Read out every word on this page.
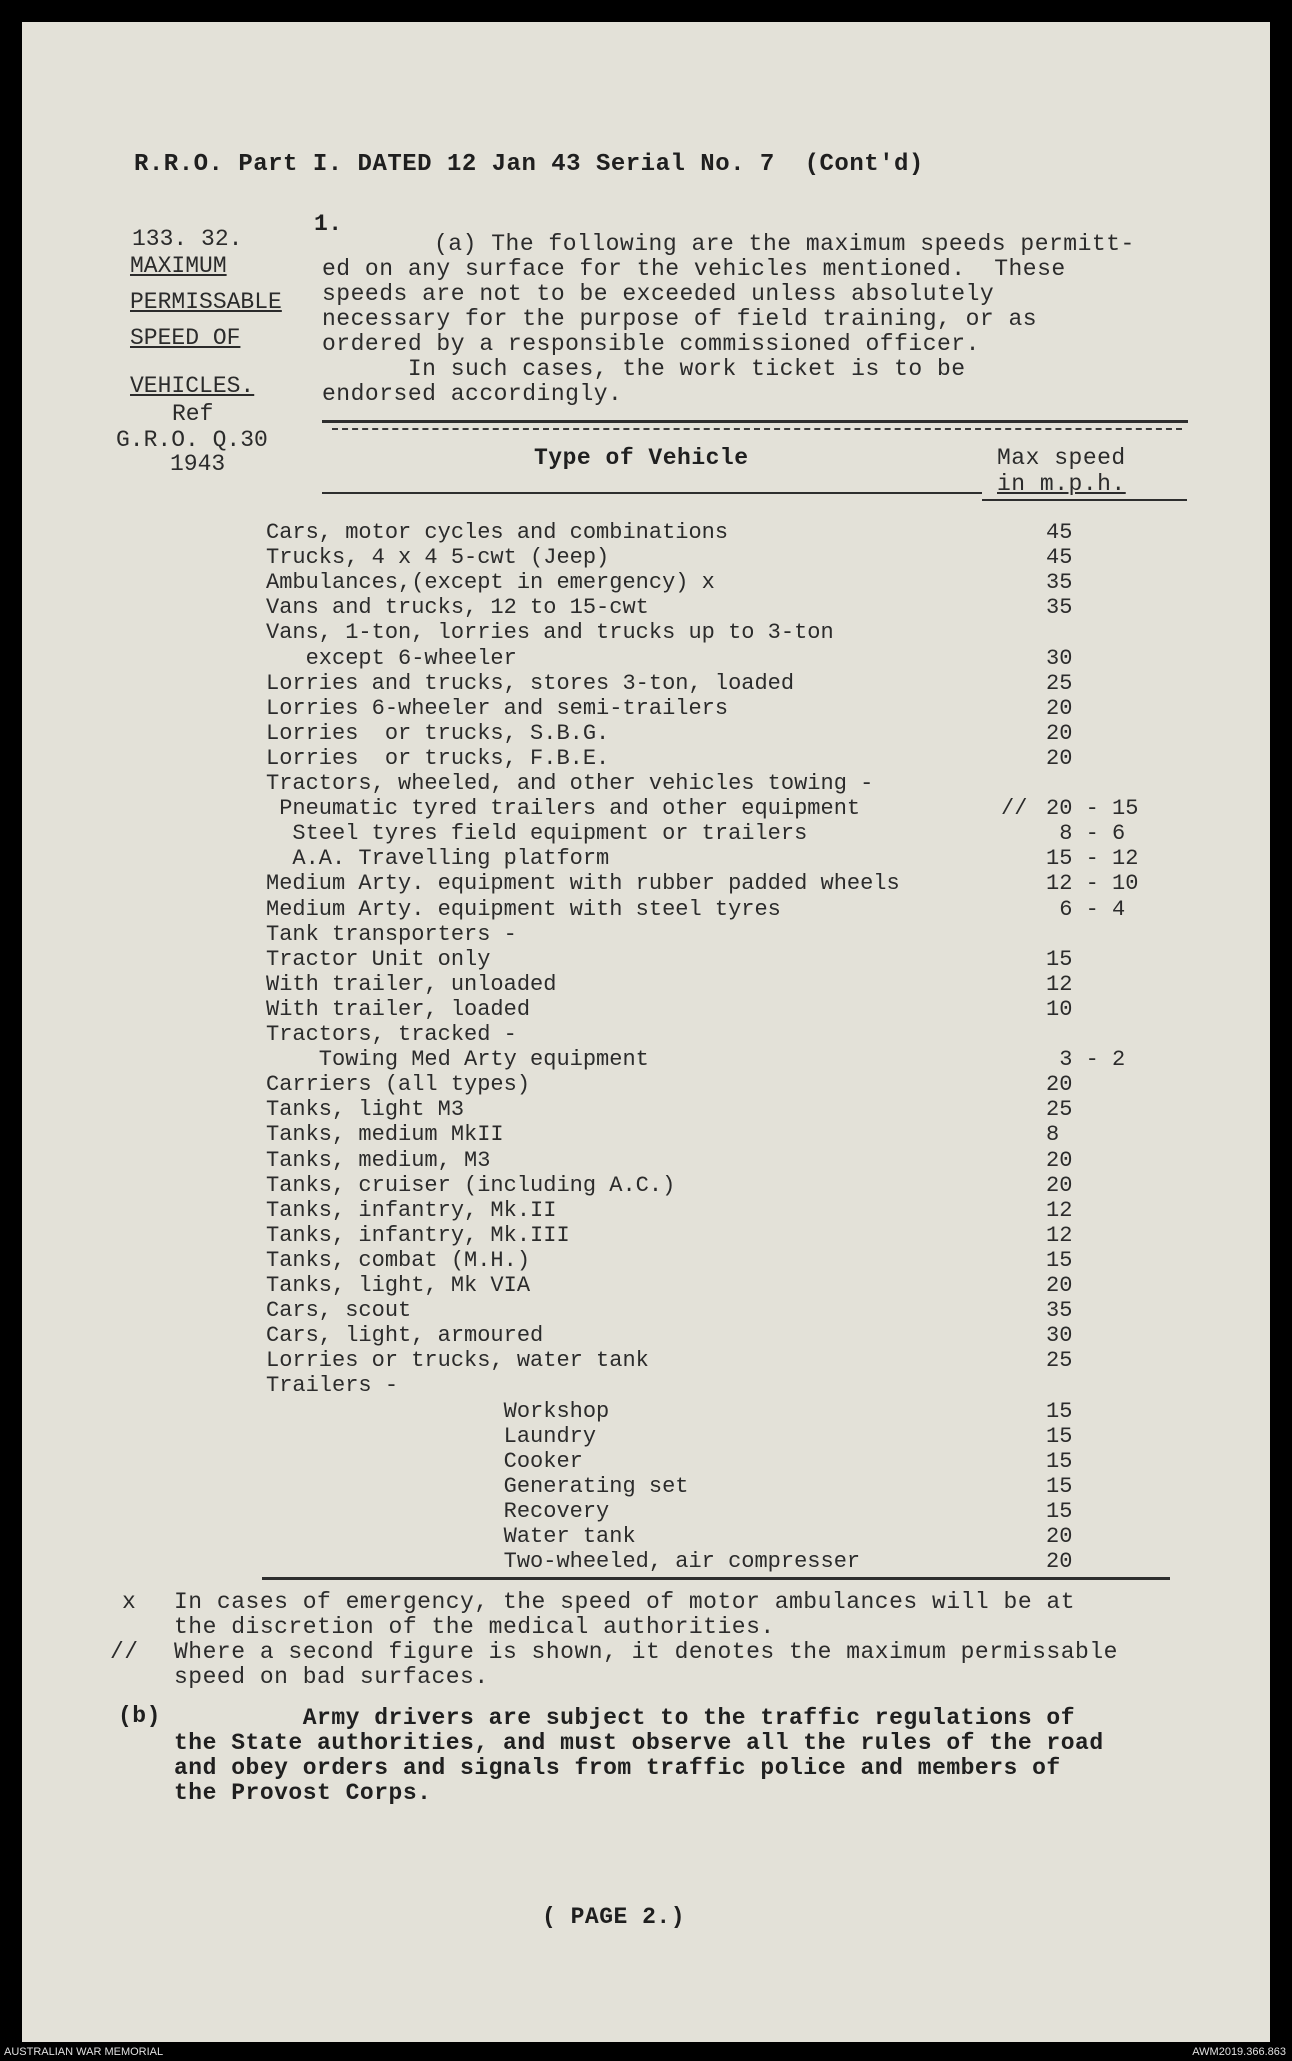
R.R.O. Part I. DATED 12 Jan 43 Serial No. 7  (Cont'd)
133. 32.
MAXIMUM
PERMISSABLE
SPEED OF
VEHICLES.
Ref
G.R.O. Q.30
1943
1.
(a) The following are the maximum speeds permitt-
ed on any surface for the vehicles mentioned.  These
speeds are not to be exceeded unless absolutely
necessary for the purpose of field training, or as
ordered by a responsible commissioned officer.
In such cases, the work ticket is to be
endorsed accordingly.
Type of Vehicle	Max speed
in m.p.h.
Cars, motor cycles and combinations	45
Trucks, 4 x 4 5-cwt (Jeep)	45
Ambulances,(except in emergency) x	35
Vans and trucks, 12 to 15-cwt	35
Vans, 1-ton, lorries and trucks up to 3-ton
except 6-wheeler	30
Lorries and trucks, stores 3-ton, loaded	25
Lorries 6-wheeler and semi-trailers	20
Lorries  or trucks, S.B.G.	20
Lorries  or trucks, F.B.E.	20
Tractors, wheeled, and other vehicles towing -
Pneumatic tyred trailers and other equipment	// 20 - 15
Steel tyres field equipment or trailers	8 - 6
A.A. Travelling platform	15 - 12
Medium Arty. equipment with rubber padded wheels	12 - 10
Medium Arty. equipment with steel tyres	6 - 4
Tank transporters -
Tractor Unit only	15
With trailer, unloaded	12
With trailer, loaded	10
Tractors, tracked -
Towing Med Arty equipment	3 - 2
Carriers (all types)	20
Tanks, light M3	25
Tanks, medium MkII	8
Tanks, medium, M3	20
Tanks, cruiser (including A.C.)	20
Tanks, infantry, Mk.II	12
Tanks, infantry, Mk.III	12
Tanks, combat (M.H.)	15
Tanks, light, Mk VIA	20
Cars, scout	35
Cars, light, armoured	30
Lorries or trucks, water tank	25
Trailers -
Workshop	15
Laundry	15
Cooker	15
Generating set	15
Recovery	15
Water tank	20
Two-wheeled, air compresser	20
x In cases of emergency, the speed of motor ambulances will be at
the discretion of the medical authorities.
// Where a second figure is shown, it denotes the maximum permissable
speed on bad surfaces.
(b) Army drivers are subject to the traffic regulations of
the State authorities, and must observe all the rules of the road
and obey orders and signals from traffic police and members of
the Provost Corps.
( PAGE 2.)
AUSTRALIAN WAR MEMORIAL	AWM2019.366.863
